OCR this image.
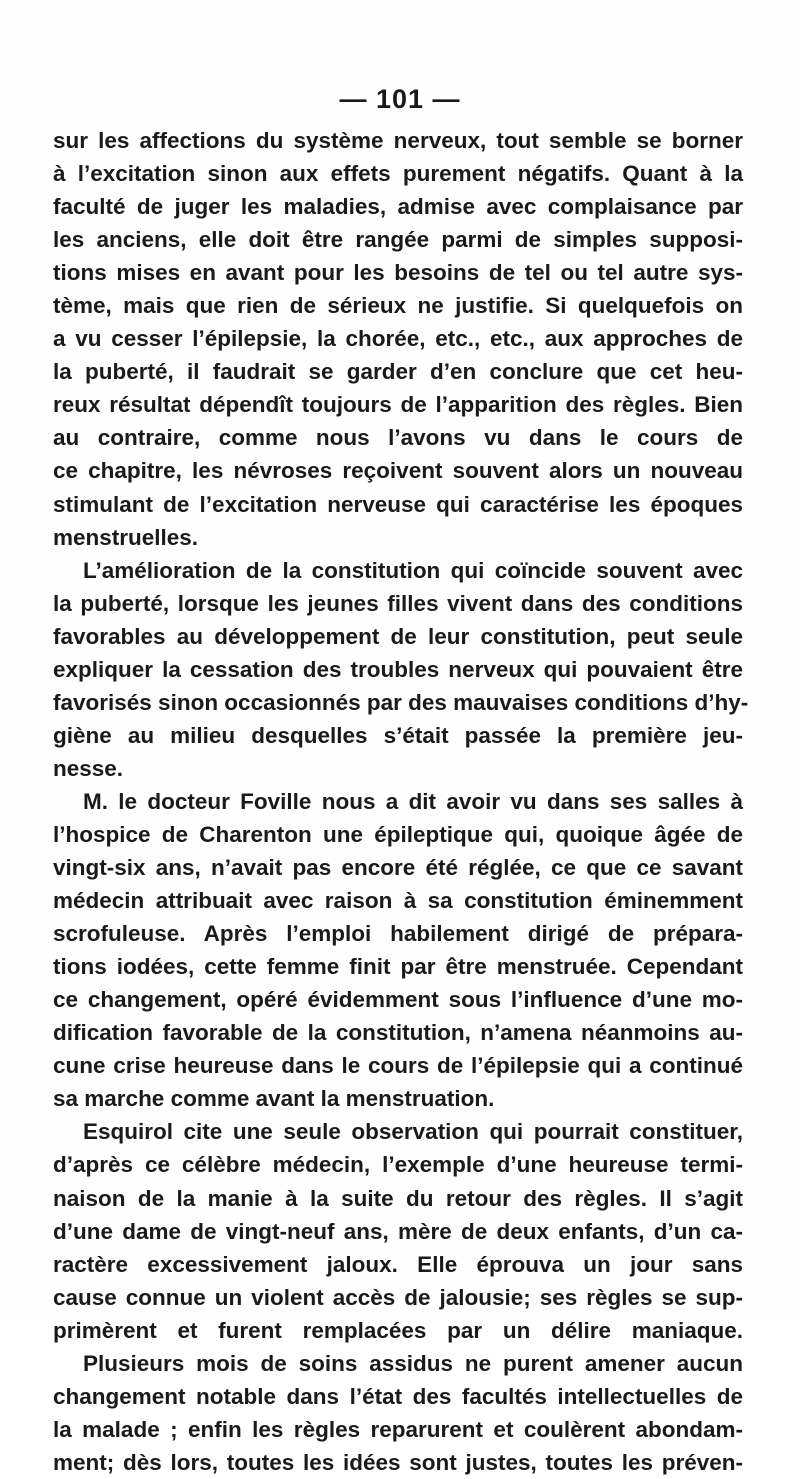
— 101 —
sur les affections du système nerveux, tout semble se borner
à l’excitation sinon aux effets purement négatifs. Quant à la
faculté de juger les maladies, admise avec complaisance par
les anciens, elle doit être rangée parmi de simples supposi-
tions mises en avant pour les besoins de tel ou tel autre sys-
tème, mais que rien de sérieux ne justifie. Si quelquefois on
a vu cesser l’épilepsie, la chorée, etc., etc., aux approches de
la puberté, il faudrait se garder d’en conclure que cet heu-
reux résultat dépendît toujours de l’apparition des règles. Bien
au contraire, comme nous l’avons vu dans le cours de
ce chapitre, les névroses reçoivent souvent alors un nouveau
stimulant de l’excitation nerveuse qui caractérise les époques
menstruelles.
L’amélioration de la constitution qui coïncide souvent avec
la puberté, lorsque les jeunes filles vivent dans des conditions
favorables au développement de leur constitution, peut seule
expliquer la cessation des troubles nerveux qui pouvaient être
favorisés sinon occasionnés par des mauvaises conditions d’hy-
giène au milieu desquelles s’était passée la première jeu-
nesse.
M. le docteur Foville nous a dit avoir vu dans ses salles à
l’hospice de Charenton une épileptique qui, quoique âgée de
vingt-six ans, n’avait pas encore été réglée, ce que ce savant
médecin attribuait avec raison à sa constitution éminemment
scrofuleuse. Après l’emploi habilement dirigé de prépara-
tions iodées, cette femme finit par être menstruée. Cependant
ce changement, opéré évidemment sous l’influence d’une mo-
dification favorable de la constitution, n’amena néanmoins au-
cune crise heureuse dans le cours de l’épilepsie qui a continué
sa marche comme avant la menstruation.
Esquirol cite une seule observation qui pourrait constituer,
d’après ce célèbre médecin, l’exemple d’une heureuse termi-
naison de la manie à la suite du retour des règles. Il s’agit
d’une dame de vingt-neuf ans, mère de deux enfants, d’un ca-
ractère excessivement jaloux. Elle éprouva un jour sans
cause connue un violent accès de jalousie; ses règles se sup-
primèrent et furent remplacées par un délire maniaque.
Plusieurs mois de soins assidus ne purent amener aucun
changement notable dans l’état des facultés intellectuelles de
la malade ; enfin les règles reparurent et coulèrent abondam-
ment; dès lors, toutes les idées sont justes, toutes les préven-
